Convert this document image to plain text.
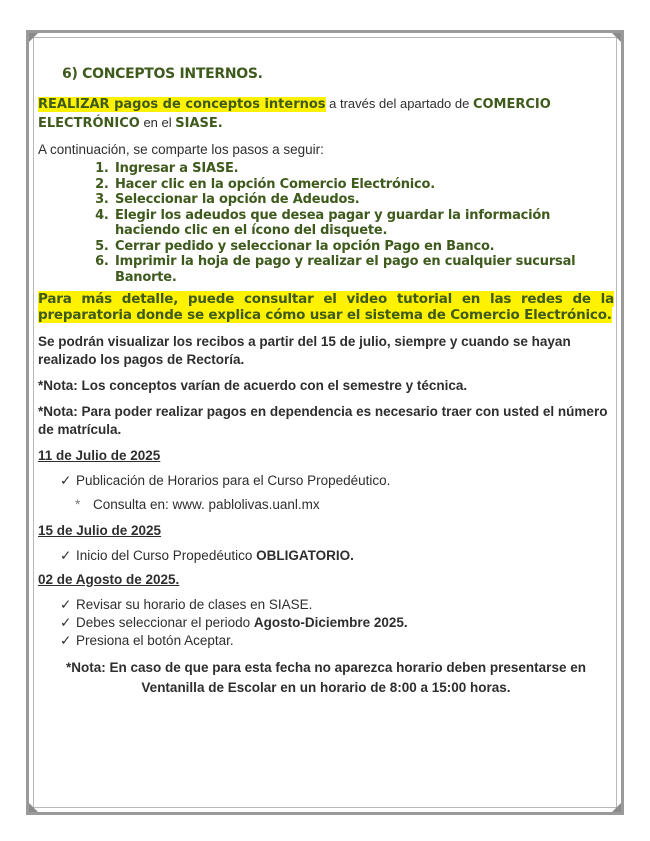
6) CONCEPTOS INTERNOS.

REALIZAR pagos de conceptos internos a través del apartado de COMERCIO ELECTRÓNICO en el SIASE.

A continuación, se comparte los pasos a seguir:

1. Ingresar a SIASE.
2. Hacer clic en la opción Comercio Electrónico.
3. Seleccionar la opción de Adeudos.
4. Elegir los adeudos que desea pagar y guardar la información haciendo clic en el ícono del disquete.
5. Cerrar pedido y seleccionar la opción Pago en Banco.
6. Imprimir la hoja de pago y realizar el pago en cualquier sucursal Banorte.

Para más detalle, puede consultar el video tutorial en las redes de la preparatoria donde se explica cómo usar el sistema de Comercio Electrónico.

Se podrán visualizar los recibos a partir del 15 de julio, siempre y cuando se hayan realizado los pagos de Rectoría.

*Nota: Los conceptos varían de acuerdo con el semestre y técnica.

*Nota: Para poder realizar pagos en dependencia es necesario traer con usted el número de matrícula.

11 de Julio de 2025
✓ Publicación de Horarios para el Curso Propedéutico.
* Consulta en: www. pablolivas.uanl.mx
15 de Julio de 2025
✓ Inicio del Curso Propedéutico OBLIGATORIO.
02 de Agosto de 2025.
✓ Revisar su horario de clases en SIASE.
✓ Debes seleccionar el periodo Agosto-Diciembre 2025.
✓ Presiona el botón Aceptar.

*Nota: En caso de que para esta fecha no aparezca horario deben presentarse en Ventanilla de Escolar en un horario de 8:00 a 15:00 horas.
